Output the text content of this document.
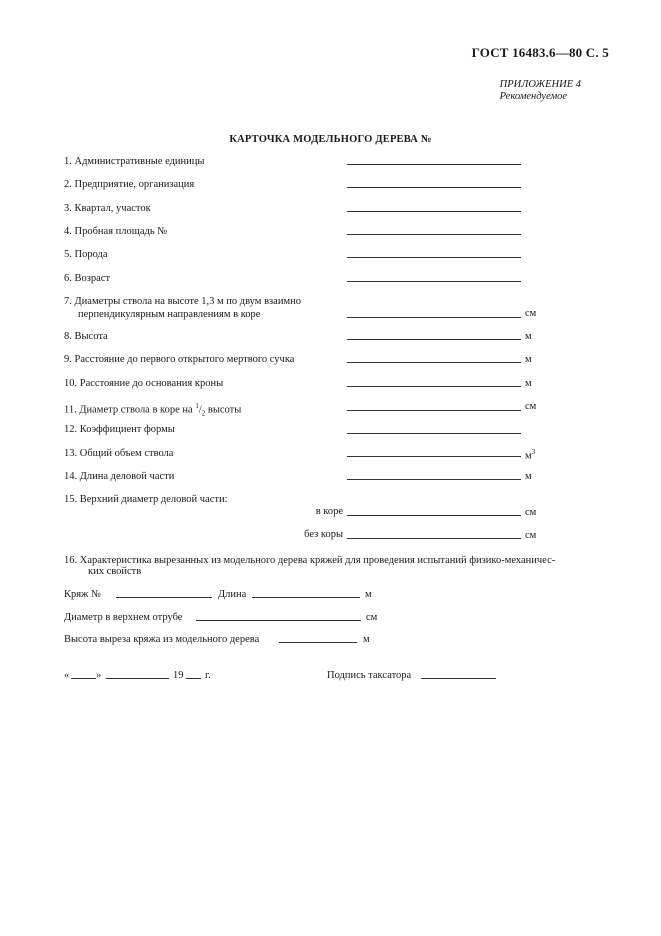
ГОСТ 16483.6—80 С. 5
ПРИЛОЖЕНИЕ 4
Рекомендуемое
КАРТОЧКА МОДЕЛЬНОГО ДЕРЕВА №
1. Административные единицы
2. Предприятие, организация
3. Квартал, участок
4. Пробная площадь №
5. Порода
6. Возраст
7. Диаметры ствола на высоте 1,3 м по двум взаимно
перпендикулярным направлениям в коре	см
8. Высота	м
9. Расстояние до первого открытого мертвого сучка	м
10. Расстояние до основания кроны	м
11. Диаметр ствола в коре на $^1/_2$ высоты	см
12. Коэффициент формы
13. Общий объем ствола	$м^3$
14. Длина деловой части	м
15. Верхний диаметр деловой части:
в коре	см
без коры	см
16. Характеристика вырезанных из модельного дерева кряжей для проведения испытаний физико-механичес-
ких свойств
Кряж №	Длина	м
Диаметр в верхнем отрубе	см
Высота выреза кряжа из модельного дерева	м
«	»	19 г.	Подпись таксатора
